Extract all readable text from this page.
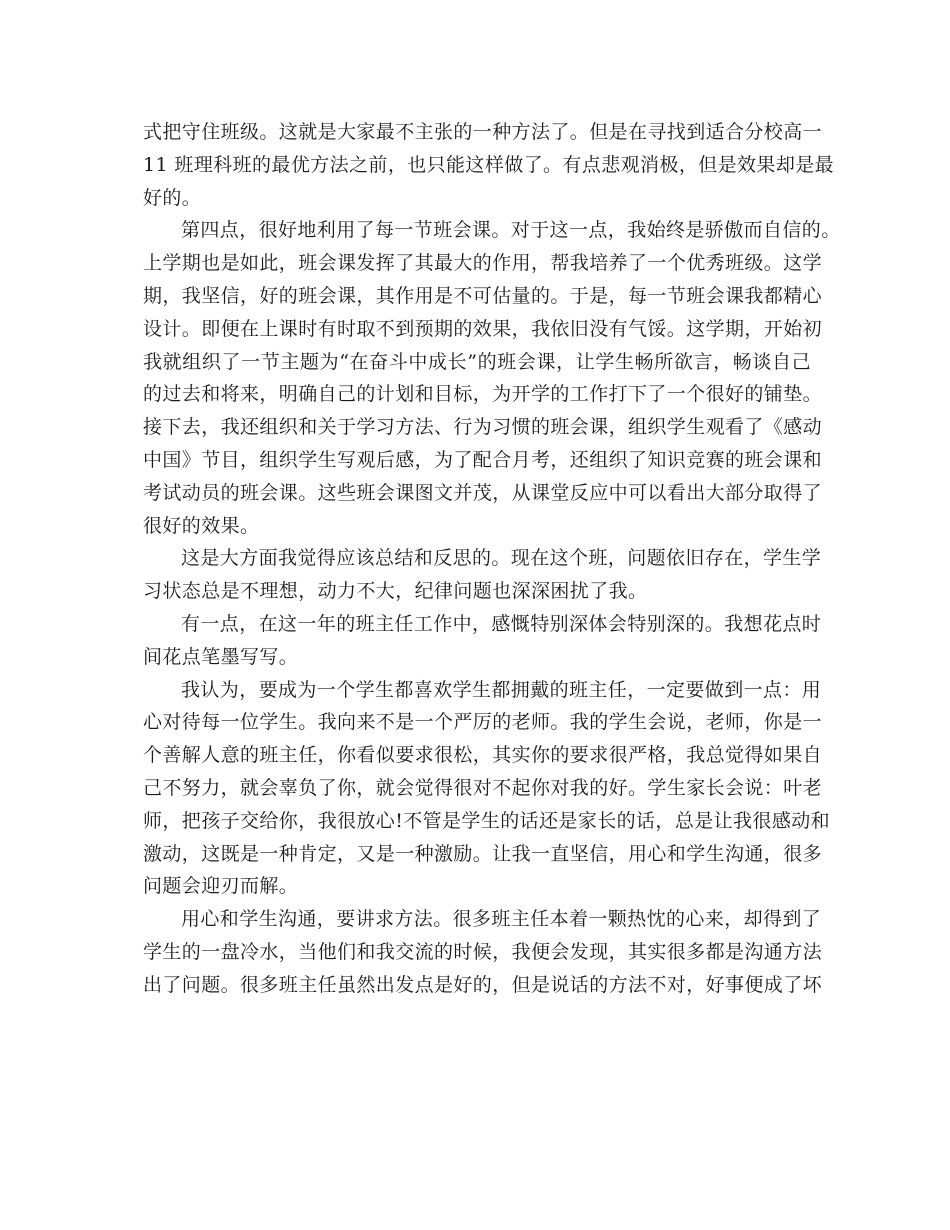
式把守住班级。这就是大家最不主张的一种方法了。但是在寻找到适合分校高一
11 班理科班的最优方法之前，也只能这样做了。有点悲观消极，但是效果却是最
好的。
第四点，很好地利用了每一节班会课。对于这一点，我始终是骄傲而自信的。
上学期也是如此，班会课发挥了其最大的作用，帮我培养了一个优秀班级。这学
期，我坚信，好的班会课，其作用是不可估量的。于是，每一节班会课我都精心
设计。即便在上课时有时取不到预期的效果，我依旧没有气馁。这学期，开始初
我就组织了一节主题为“在奋斗中成长”的班会课，让学生畅所欲言，畅谈自己
的过去和将来，明确自己的计划和目标，为开学的工作打下了一个很好的铺垫。
接下去，我还组织和关于学习方法、行为习惯的班会课，组织学生观看了《感动
中国》节目，组织学生写观后感，为了配合月考，还组织了知识竞赛的班会课和
考试动员的班会课。这些班会课图文并茂，从课堂反应中可以看出大部分取得了
很好的效果。
这是大方面我觉得应该总结和反思的。现在这个班，问题依旧存在，学生学
习状态总是不理想，动力不大，纪律问题也深深困扰了我。
有一点，在这一年的班主任工作中，感慨特别深体会特别深的。我想花点时
间花点笔墨写写。
我认为，要成为一个学生都喜欢学生都拥戴的班主任，一定要做到一点：用
心对待每一位学生。我向来不是一个严厉的老师。我的学生会说，老师，你是一
个善解人意的班主任，你看似要求很松，其实你的要求很严格，我总觉得如果自
己不努力，就会辜负了你，就会觉得很对不起你对我的好。学生家长会说：叶老
师，把孩子交给你，我很放心!不管是学生的话还是家长的话，总是让我很感动和
激动，这既是一种肯定，又是一种激励。让我一直坚信，用心和学生沟通，很多
问题会迎刃而解。
用心和学生沟通，要讲求方法。很多班主任本着一颗热忱的心来，却得到了
学生的一盘冷水，当他们和我交流的时候，我便会发现，其实很多都是沟通方法
出了问题。很多班主任虽然出发点是好的，但是说话的方法不对，好事便成了坏
